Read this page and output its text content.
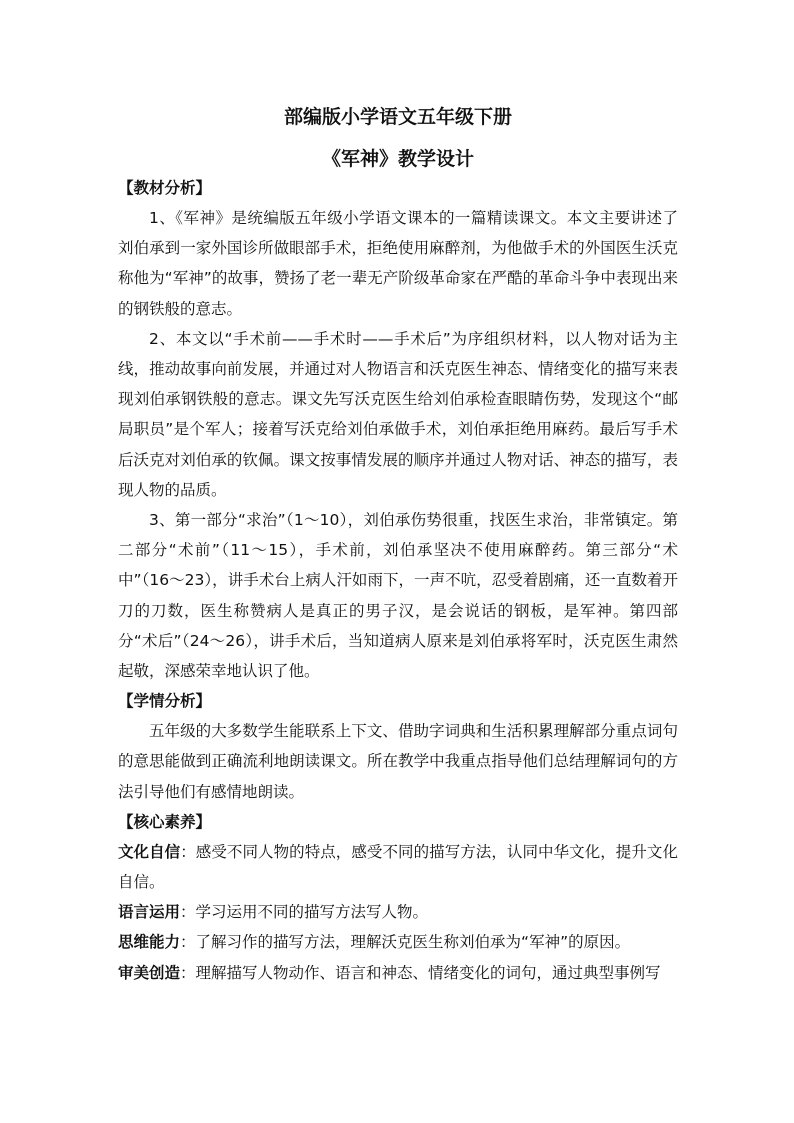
部编版小学语文五年级下册
《军神》教学设计
【教材分析】

1、《军神》是统编版五年级小学语文课本的一篇精读课文。本文主要讲述了刘伯承到一家外国诊所做眼部手术，拒绝使用麻醉剂，为他做手术的外国医生沃克称他为“军神”的故事，赞扬了老一辈无产阶级革命家在严酷的革命斗争中表现出来的钢铁般的意志。

2、本文以“手术前——手术时——手术后”为序组织材料，以人物对话为主线，推动故事向前发展，并通过对人物语言和沃克医生神态、情绪变化的描写来表现刘伯承钢铁般的意志。课文先写沃克医生给刘伯承检查眼睛伤势，发现这个“邮局职员”是个军人；接着写沃克给刘伯承做手术，刘伯承拒绝用麻药。最后写手术后沃克对刘伯承的钦佩。课文按事情发展的顺序并通过人物对话、神态的描写，表现人物的品质。

3、第一部分“求治”（1～10），刘伯承伤势很重，找医生求治，非常镇定。第二部分“术前”（11～15），手术前，刘伯承坚决不使用麻醉药。第三部分“术中”（16～23），讲手术台上病人汗如雨下，一声不吭，忍受着剧痛，还一直数着开刀的刀数，医生称赞病人是真正的男子汉，是会说话的钢板，是军神。第四部分“术后”（24～26），讲手术后，当知道病人原来是刘伯承将军时，沃克医生肃然起敬，深感荣幸地认识了他。

【学情分析】

五年级的大多数学生能联系上下文、借助字词典和生活积累理解部分重点词句的意思能做到正确流利地朗读课文。所在教学中我重点指导他们总结理解词句的方法引导他们有感情地朗读。

【核心素养】

文化自信：感受不同人物的特点，感受不同的描写方法，认同中华文化，提升文化自信。

语言运用：学习运用不同的描写方法写人物。

思维能力：了解习作的描写方法，理解沃克医生称刘伯承为“军神”的原因。

审美创造：理解描写人物动作、语言和神态、情绪变化的词句，通过典型事例写
